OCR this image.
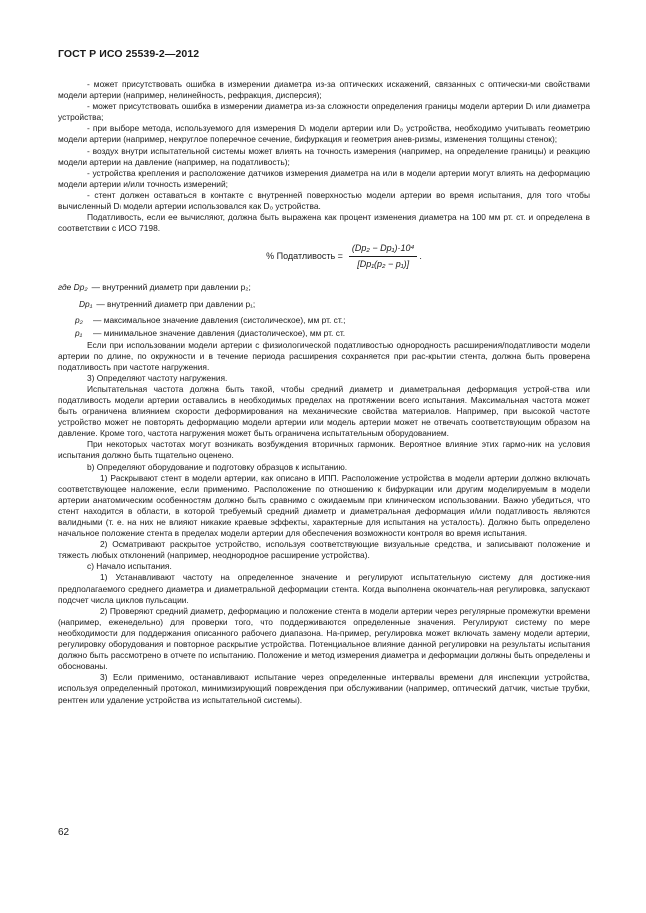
ГОСТ Р ИСО 25539-2—2012

- может присутствовать ошибка в измерении диаметра из-за оптических искажений, связанных с оптически-ми свойствами модели артерии (например, нелинейность, рефракция, дисперсия);

- может присутствовать ошибка в измерении диаметра из-за сложности определения границы модели артерии Dₗ или диаметра устройства;

- при выборе метода, используемого для измерения Dₗ модели артерии или D₀ устройства, необходимо учитывать геометрию модели артерии (например, некруглое поперечное сечение, бифуркация и геометрия анев-ризмы, изменения толщины стенок);

- воздух внутри испытательной системы может влиять на точность измерения (например, на определение границы) и реакцию модели артерии на давление (например, на податливость);

- устройства крепления и расположение датчиков измерения диаметра на или в модели артерии могут влиять на деформацию модели артерии и/или точность измерений;

- стент должен оставаться в контакте с внутренней поверхностью модели артерии во время испытания, для того чтобы вычисленный Dₗ модели артерии использовался как D₀ устройства.

Податливость, если ее вычисляют, должна быть выражена как процент изменения диаметра на 100 мм рт. ст. и определена в соответствии с ИСО 7198.

% Податливость = $\frac{\text{(Dp₂ − Dp₁)·10⁴}}{\text{[Dp₁(p₂ − p₁)]}}$ .
где Dp₂ — внутренний диаметр при давлении p₂;
Dp₁ — внутренний диаметр при давлении p₁;
p₂	— максимальное значение давления (систолическое), мм рт. ст.;
p₁	— минимальное значение давления (диастолическое), мм рт. ст.

Если при использовании модели артерии с физиологической податливостью однородность расширения/податливости модели артерии по длине, по окружности и в течение периода расширения сохраняется при рас-крытии стента, должна быть проверена податливость при частоте нагружения.

3) Определяют частоту нагружения.

Испытательная частота должна быть такой, чтобы средний диаметр и диаметральная деформация устрой-ства или податливость модели артерии оставались в необходимых пределах на протяжении всего испытания. Максимальная частота может быть ограничена влиянием скорости деформирования на механические свойства материалов. Например, при высокой частоте устройство может не повторять деформацию модели артерии или модель артерии может не отвечать соответствующим образом на давление. Кроме того, частота нагружения может быть ограничена испытательным оборудованием.

При некоторых частотах могут возникать возбуждения вторичных гармоник. Вероятное влияние этих гармо-ник на условия испытания должно быть тщательно оценено.

b) Определяют оборудование и подготовку образцов к испытанию.

1) Раскрывают стент в модели артерии, как описано в ИПП. Расположение устройства в модели артерии должно включать соответствующее наложение, если применимо. Расположение по отношению к бифуркации или другим моделируемым в модели артерии анатомическим особенностям должно быть сравнимо с ожидаемым при клиническом использовании. Важно убедиться, что стент находится в области, в которой требуемый средний диаметр и диаметральная деформация и/или податливость являются валидными (т. е. на них не влияют никакие краевые эффекты, характерные для испытания на усталость). Должно быть определено начальное положение стента в пределах модели артерии для обеспечения возможности контроля во время испытания.

2) Осматривают раскрытое устройство, используя соответствующие визуальные средства, и записывают положение и тяжесть любых отклонений (например, неоднородное расширение устройства).

с) Начало испытания.

1) Устанавливают частоту на определенное значение и регулируют испытательную систему для достиже-ния предполагаемого среднего диаметра и диаметральной деформации стента. Когда выполнена окончатель-ная регулировка, запускают подсчет числа циклов пульсации.

2) Проверяют средний диаметр, деформацию и положение стента в модели артерии через регулярные промежутки времени (например, еженедельно) для проверки того, что поддерживаются определенные значения. Регулируют систему по мере необходимости для поддержания описанного рабочего диапазона. На-пример, регулировка может включать замену модели артерии, регулировку оборудования и повторное раскрытие устройства. Потенциальное влияние данной регулировки на результаты испытания должно быть рассмотрено в отчете по испытанию. Положение и метод измерения диаметра и деформации должны быть определены и обоснованы.

3) Если применимо, останавливают испытание через определенные интервалы времени для инспекции устройства, используя определенный протокол, минимизирующий повреждения при обслуживании (например, оптический датчик, чистые трубки, рентген или удаление устройства из испытательной системы).

62
